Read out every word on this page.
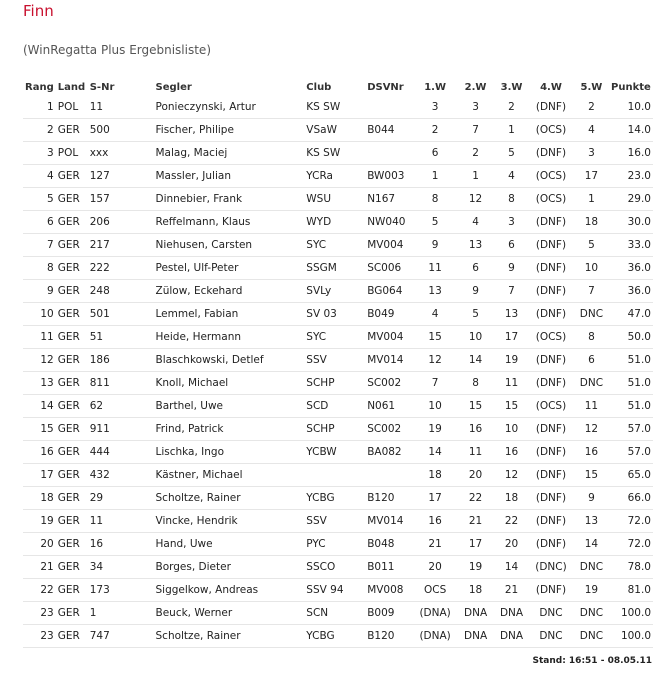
Finn
(WinRegatta Plus Ergebnisliste)
Rang	Land	S-Nr	Segler	Club	DSVNr	1.W	2.W	3.W	4.W	5.W	Punkte
1	POL	11	Ponieczynski, Artur	KS SW		3	3	2	(DNF)	2	10.0
2	GER	500	Fischer, Philipe	VSaW	B044	2	7	1	(OCS)	4	14.0
3	POL	xxx	Malag, Maciej	KS SW		6	2	5	(DNF)	3	16.0
4	GER	127	Massler, Julian	YCRa	BW003	1	1	4	(OCS)	17	23.0
5	GER	157	Dinnebier, Frank	WSU	N167	8	12	8	(OCS)	1	29.0
6	GER	206	Reffelmann, Klaus	WYD	NW040	5	4	3	(DNF)	18	30.0
7	GER	217	Niehusen, Carsten	SYC	MV004	9	13	6	(DNF)	5	33.0
8	GER	222	Pestel, Ulf-Peter	SSGM	SC006	11	6	9	(DNF)	10	36.0
9	GER	248	Zülow, Eckehard	SVLy	BG064	13	9	7	(DNF)	7	36.0
10	GER	501	Lemmel, Fabian	SV 03	B049	4	5	13	(DNF)	DNC	47.0
11	GER	51	Heide, Hermann	SYC	MV004	15	10	17	(OCS)	8	50.0
12	GER	186	Blaschkowski, Detlef	SSV	MV014	12	14	19	(DNF)	6	51.0
13	GER	811	Knoll, Michael	SCHP	SC002	7	8	11	(DNF)	DNC	51.0
14	GER	62	Barthel, Uwe	SCD	N061	10	15	15	(OCS)	11	51.0
15	GER	911	Frind, Patrick	SCHP	SC002	19	16	10	(DNF)	12	57.0
16	GER	444	Lischka, Ingo	YCBW	BA082	14	11	16	(DNF)	16	57.0
17	GER	432	Kästner, Michael			18	20	12	(DNF)	15	65.0
18	GER	29	Scholtze, Rainer	YCBG	B120	17	22	18	(DNF)	9	66.0
19	GER	11	Vincke, Hendrik	SSV	MV014	16	21	22	(DNF)	13	72.0
20	GER	16	Hand, Uwe	PYC	B048	21	17	20	(DNF)	14	72.0
21	GER	34	Borges, Dieter	SSCO	B011	20	19	14	(DNC)	DNC	78.0
22	GER	173	Siggelkow, Andreas	SSV 94	MV008	OCS	18	21	(DNF)	19	81.0
23	GER	1	Beuck, Werner	SCN	B009	(DNA)	DNA	DNA	DNC	DNC	100.0
23	GER	747	Scholtze, Rainer	YCBG	B120	(DNA)	DNA	DNA	DNC	DNC	100.0
Stand: 16:51 - 08.05.11
